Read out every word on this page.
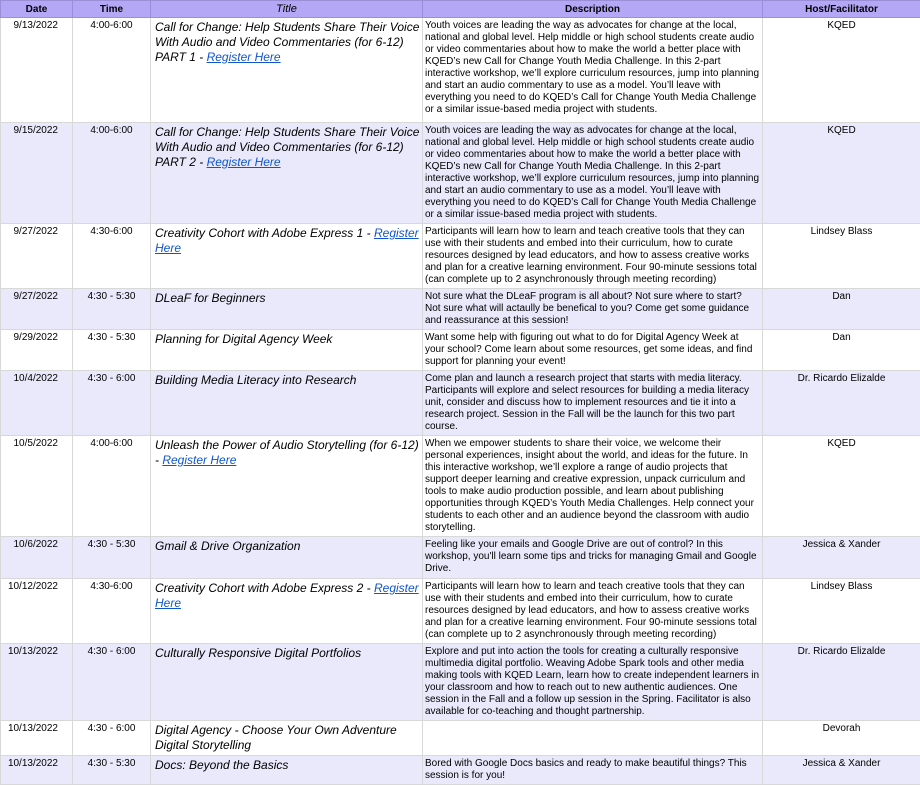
Date	Time	Title	Description	Host/Facilitator
9/13/2022	4:00-6:00	Call for Change: Help Students Share Their Voice With Audio and Video Commentaries (for 6-12) PART 1 - Register Here	Youth voices are leading the way as advocates for change at the local, national and global level. Help middle or high school students create audio or video commentaries about how to make the world a better place with KQED’s new Call for Change Youth Media Challenge. In this 2-part interactive workshop, we’ll explore curriculum resources, jump into planning and start an audio commentary to use as a model. You’ll leave with everything you need to do KQED’s Call for Change Youth Media Challenge or a similar issue-based media project with students.	KQED
9/15/2022	4:00-6:00	Call for Change: Help Students Share Their Voice With Audio and Video Commentaries (for 6-12) PART 2 - Register Here	Youth voices are leading the way as advocates for change at the local, national and global level. Help middle or high school students create audio or video commentaries about how to make the world a better place with KQED’s new Call for Change Youth Media Challenge. In this 2-part interactive workshop, we’ll explore curriculum resources, jump into planning and start an audio commentary to use as a model. You’ll leave with everything you need to do KQED’s Call for Change Youth Media Challenge or a similar issue-based media project with students.	KQED
9/27/2022	4:30-6:00	Creativity Cohort with Adobe Express 1 - Register Here	Participants will learn how to learn and teach creative tools that they can use with their students and embed into their curriculum, how to curate resources designed by lead educators, and how to assess creative works and plan for a creative learning environment. Four 90-minute sessions total (can complete up to 2 asynchronously through meeting recording)	Lindsey Blass
9/27/2022	4:30 - 5:30	DLeaF for Beginners	Not sure what the DLeaF program is all about? Not sure where to start? Not sure what will actaully be benefical to you? Come get some guidance and reassurance at this session!	Dan
9/29/2022	4:30 - 5:30	Planning for Digital Agency Week	Want some help with figuring out what to do for Digital Agency Week at your school? Come learn about some resources, get some ideas, and find support for planning your event!	Dan
10/4/2022	4:30 - 6:00	Building Media Literacy into Research	Come plan and launch a research project that starts with media literacy. Participants will explore and select resources for building a media literacy unit, consider and discuss how to implement resources and tie it into a research project. Session in the Fall will be the launch for this two part course.	Dr. Ricardo Elizalde
10/5/2022	4:00-6:00	Unleash the Power of Audio Storytelling (for 6-12) - Register Here	When we empower students to share their voice, we welcome their personal experiences, insight about the world, and ideas for the future. In this interactive workshop, we’ll explore a range of audio projects that support deeper learning and creative expression, unpack curriculum and tools to make audio production possible, and learn about publishing opportunities through KQED’s Youth Media Challenges. Help connect your students to each other and an audience beyond the classroom with audio storytelling.	KQED
10/6/2022	4:30 - 5:30	Gmail & Drive Organization	Feeling like your emails and Google Drive are out of control? In this workshop, you'll learn some tips and tricks for managing Gmail and Google Drive.	Jessica & Xander
10/12/2022	4:30-6:00	Creativity Cohort with Adobe Express 2 - Register Here	Participants will learn how to learn and teach creative tools that they can use with their students and embed into their curriculum, how to curate resources designed by lead educators, and how to assess creative works and plan for a creative learning environment. Four 90-minute sessions total (can complete up to 2 asynchronously through meeting recording)	Lindsey Blass
10/13/2022	4:30 - 6:00	Culturally Responsive Digital Portfolios	Explore and put into action the tools for creating a culturally responsive multimedia digital portfolio. Weaving Adobe Spark tools and other media making tools with KQED Learn, learn how to create independent learners in your classroom and how to reach out to new authentic audiences. One session in the Fall and a follow up session in the Spring. Facilitator is also available for co-teaching and thought partnership.	Dr. Ricardo Elizalde
10/13/2022	4:30 - 6:00	Digital Agency - Choose Your Own Adventure Digital Storytelling		Devorah
10/13/2022	4:30 - 5:30	Docs: Beyond the Basics	Bored with Google Docs basics and ready to make beautiful things? This session is for you!	Jessica & Xander
